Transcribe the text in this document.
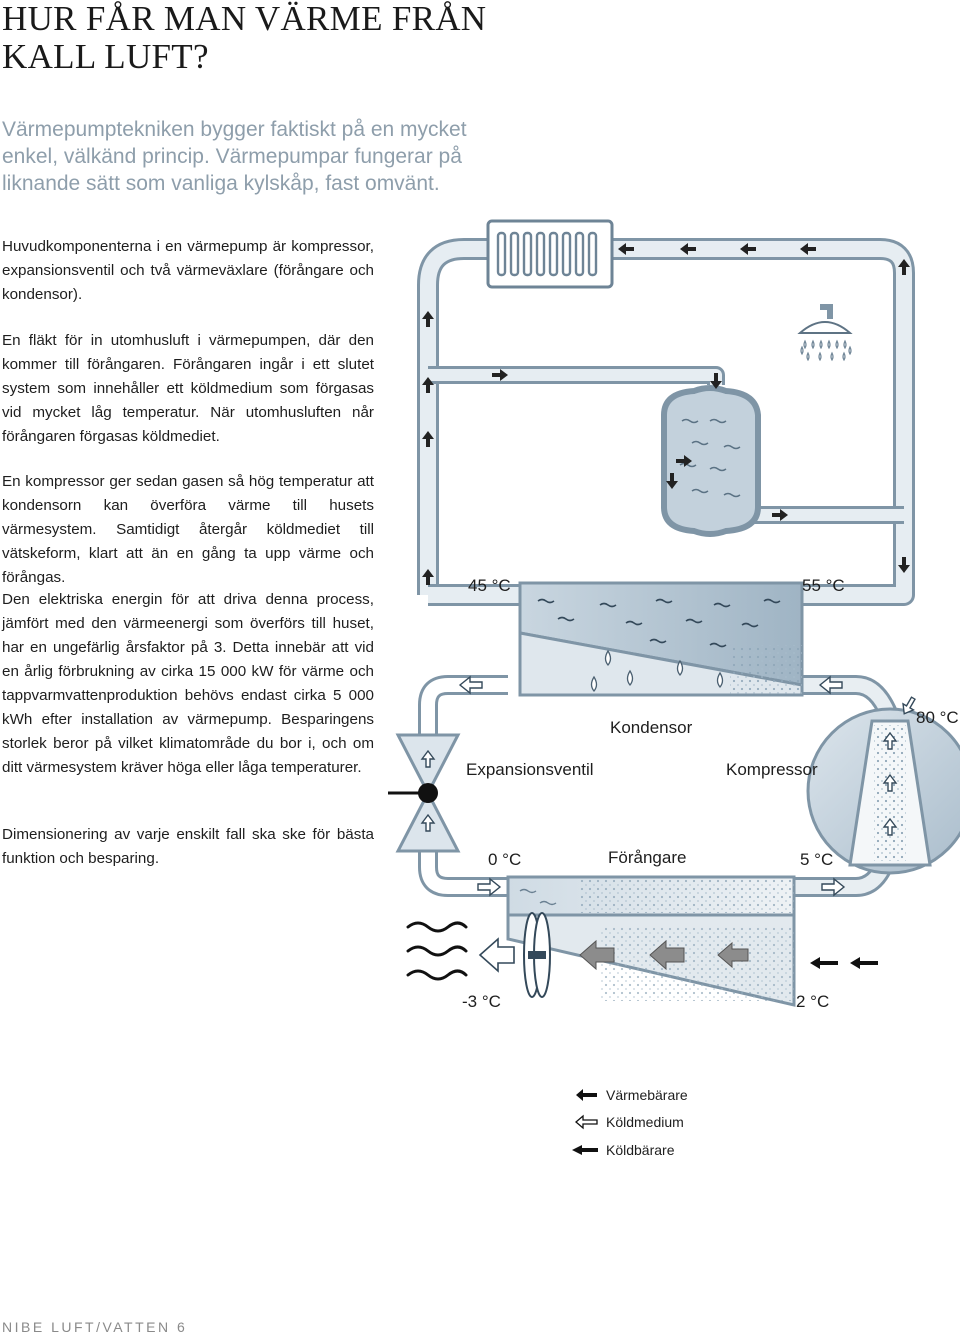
HUR FÅR MAN VÄRME FRÅN
KALL LUFT?

Värmepumptekniken bygger faktiskt på en mycket enkel, välkänd princip. Värmepumpar fungerar på liknande sätt som vanliga kylskåp, fast omvänt.

Huvudkomponenterna i en värmepump är kompressor, expansionsventil och två värmeväxlare (förångare och kondensor).

En fläkt för in utomhusluft i värmepumpen, där den kommer till förångaren. Förångaren ingår i ett slutet system som innehåller ett köldmedium som förgasas vid mycket låg temperatur. När utomhusluften når förångaren förgasas köldmediet.

En kompressor ger sedan gasen så hög temperatur att kondensorn kan överföra värme till husets värmesystem. Samtidigt återgår köldmediet till vätskeform, klart att än en gång ta upp värme och förångas.

Den elektriska energin för att driva denna process, jämfört med den värmeenergi som överförs till huset, har en ungefärlig årsfaktor på 3. Detta innebär att vid en årlig förbrukning av cirka 15 000 kW för värme och tappvarmvattenproduktion behövs endast cirka 5 000 kWh efter installation av värmepump. Besparingens storlek beror på vilket klimatområde du bor i, och om ditt värmesystem kräver höga eller låga temperaturer.

Dimensionering av varje enskilt fall ska ske för bästa funktion och besparing.

45 °C	55 °C
80 °C
Kondensor
Expansionsventil	Kompressor
0 °C	Förångare	5 °C
-3 °C	2 °C
Värmebärare
Köldmedium
Köldbärare
NIBE LUFT/VATTEN 6
